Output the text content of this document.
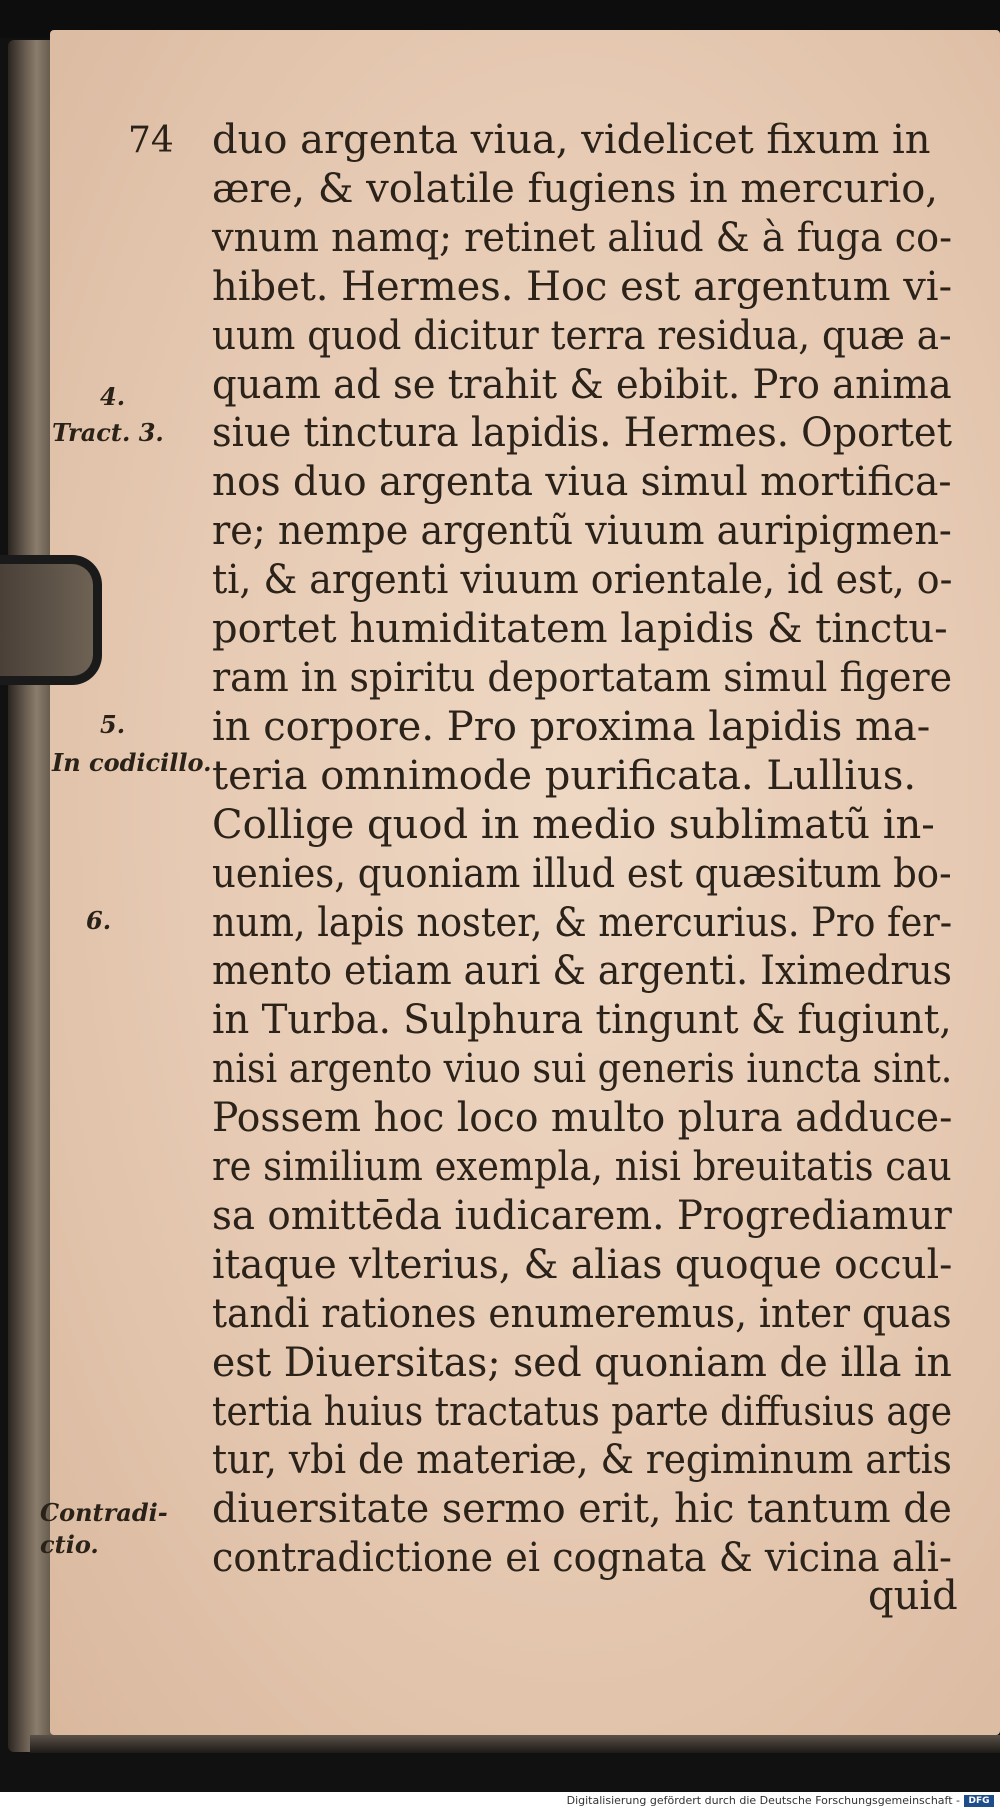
74
4.
Tract. 3.
5.
In codicillo.
6.
Contradi-
ctio.
duo argenta viua, videlicet fixum in
ære, & volatile fugiens in mercurio,
vnum namq; retinet aliud & à fuga co-
hibet. Hermes. Hoc est argentum vi-
uum quod dicitur terra residua, quæ a-
quam ad se trahit & ebibit. Pro anima
siue tinctura lapidis. Hermes. Oportet
nos duo argenta viua simul mortifica-
re; nempe argentũ viuum auripigmen-
ti, & argenti viuum orientale, id est, o-
portet humiditatem lapidis & tinctu-
ram in spiritu deportatam simul figere
in corpore. Pro proxima lapidis ma-
teria omnimode purificata. Lullius.
Collige quod in medio sublimatũ in-
uenies, quoniam illud est quæsitum bo-
num, lapis noster, & mercurius. Pro fer-
mento etiam auri & argenti. Iximedrus
in Turba. Sulphura tingunt & fugiunt,
nisi argento viuo sui generis iuncta sint.
Possem hoc loco multo plura adduce-
re similium exempla, nisi breuitatis cau
sa omittēda iudicarem. Progrediamur
itaque vlterius, & alias quoque occul-
tandi rationes enumeremus, inter quas
est Diuersitas; sed quoniam de illa in
tertia huius tractatus parte diffusius age
tur, vbi de materiæ, & regiminum artis
diuersitate sermo erit, hic tantum de
contradictione ei cognata & vicina ali-
quid
Digitalisierung gefördert durch die Deutsche Forschungsgemeinschaft - DFG
